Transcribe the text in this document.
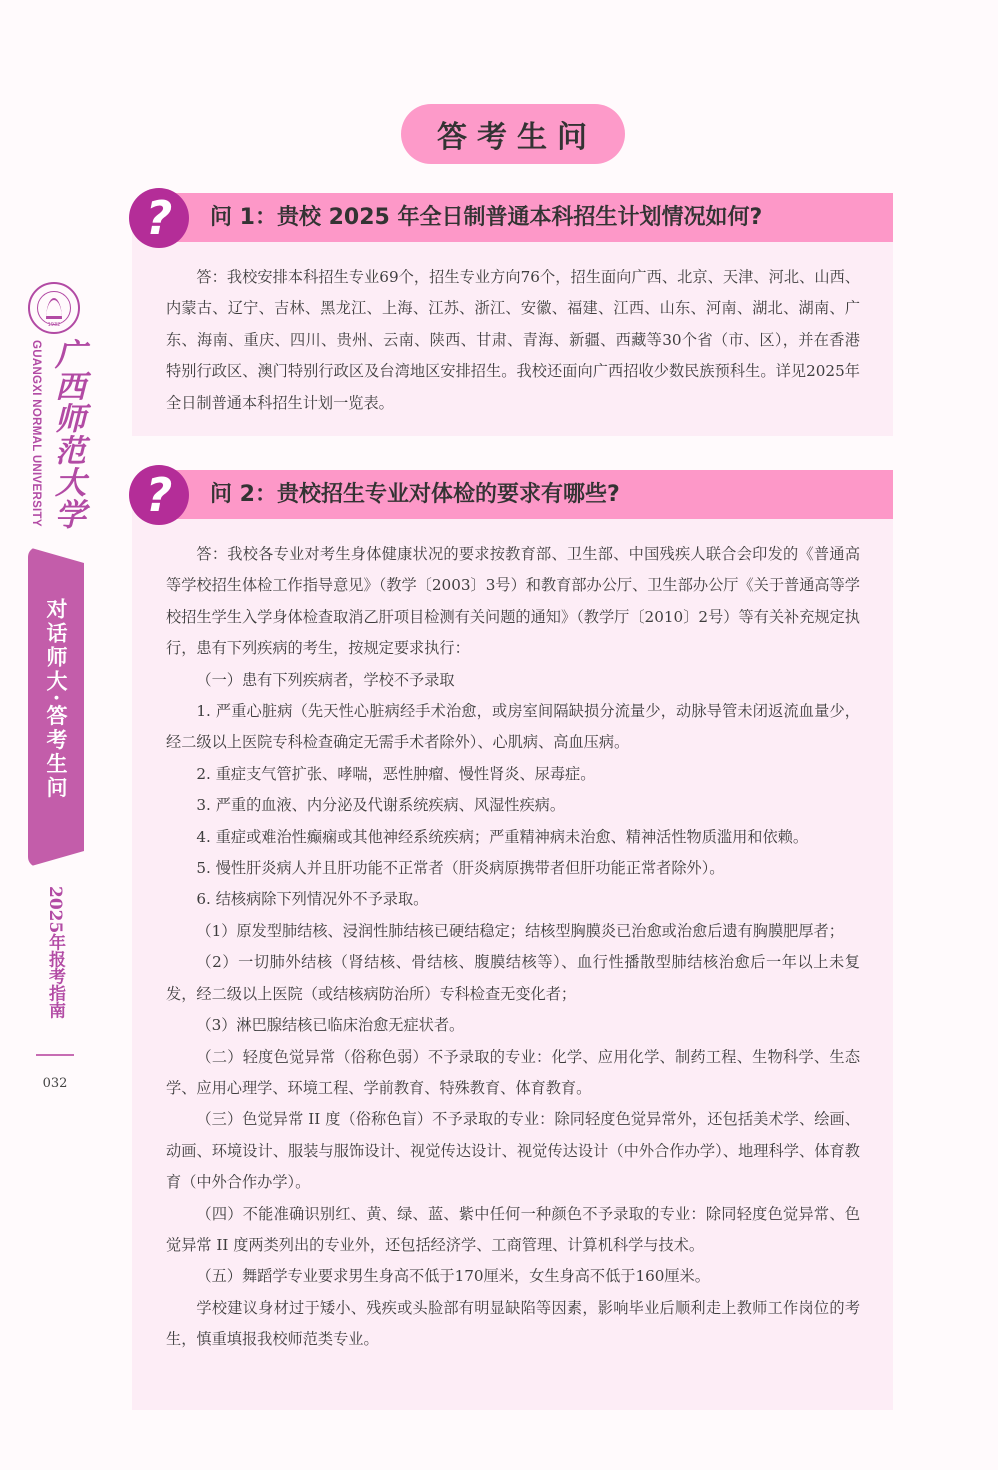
1932
GUANGXI NORMAL UNIVERSITY 广西师范大学
对话师大·答考生问
2025年报考指南
032
答考生问
?	问 1：贵校 2025 年全日制普通本科招生计划情况如何?

答：我校安排本科招生专业69个，招生专业方向76个，招生面向广西、北京、天津、河北、山西、内蒙古、辽宁、吉林、黑龙江、上海、江苏、浙江、安徽、福建、江西、山东、河南、湖北、湖南、广东、海南、重庆、四川、贵州、云南、陕西、甘肃、青海、新疆、西藏等30个省（市、区），并在香港特别行政区、澳门特别行政区及台湾地区安排招生。我校还面向广西招收少数民族预科生。详见2025年全日制普通本科招生计划一览表。

?	问 2：贵校招生专业对体检的要求有哪些?

答：我校各专业对考生身体健康状况的要求按教育部、卫生部、中国残疾人联合会印发的《普通高等学校招生体检工作指导意见》（教学〔2003〕3号）和教育部办公厅、卫生部办公厅《关于普通高等学校招生学生入学身体检查取消乙肝项目检测有关问题的通知》（教学厅〔2010〕2号）等有关补充规定执行，患有下列疾病的考生，按规定要求执行：

（一）患有下列疾病者，学校不予录取

1. 严重心脏病（先天性心脏病经手术治愈，或房室间隔缺损分流量少，动脉导管未闭返流血量少，经二级以上医院专科检查确定无需手术者除外）、心肌病、高血压病。

2. 重症支气管扩张、哮喘，恶性肿瘤、慢性肾炎、尿毒症。

3. 严重的血液、内分泌及代谢系统疾病、风湿性疾病。

4. 重症或难治性癫痫或其他神经系统疾病；严重精神病未治愈、精神活性物质滥用和依赖。

5. 慢性肝炎病人并且肝功能不正常者（肝炎病原携带者但肝功能正常者除外）。

6. 结核病除下列情况外不予录取。

（1）原发型肺结核、浸润性肺结核已硬结稳定；结核型胸膜炎已治愈或治愈后遗有胸膜肥厚者；

（2）一切肺外结核（肾结核、骨结核、腹膜结核等）、血行性播散型肺结核治愈后一年以上未复发，经二级以上医院（或结核病防治所）专科检查无变化者；

（3）淋巴腺结核已临床治愈无症状者。

（二）轻度色觉异常（俗称色弱）不予录取的专业：化学、应用化学、制药工程、生物科学、生态学、应用心理学、环境工程、学前教育、特殊教育、体育教育。

（三）色觉异常 II 度（俗称色盲）不予录取的专业：除同轻度色觉异常外，还包括美术学、绘画、动画、环境设计、服装与服饰设计、视觉传达设计、视觉传达设计（中外合作办学）、地理科学、体育教育（中外合作办学）。

（四）不能准确识别红、黄、绿、蓝、紫中任何一种颜色不予录取的专业：除同轻度色觉异常、色觉异常 II 度两类列出的专业外，还包括经济学、工商管理、计算机科学与技术。

（五）舞蹈学专业要求男生身高不低于170厘米，女生身高不低于160厘米。

学校建议身材过于矮小、残疾或头脸部有明显缺陷等因素，影响毕业后顺利走上教师工作岗位的考生，慎重填报我校师范类专业。
